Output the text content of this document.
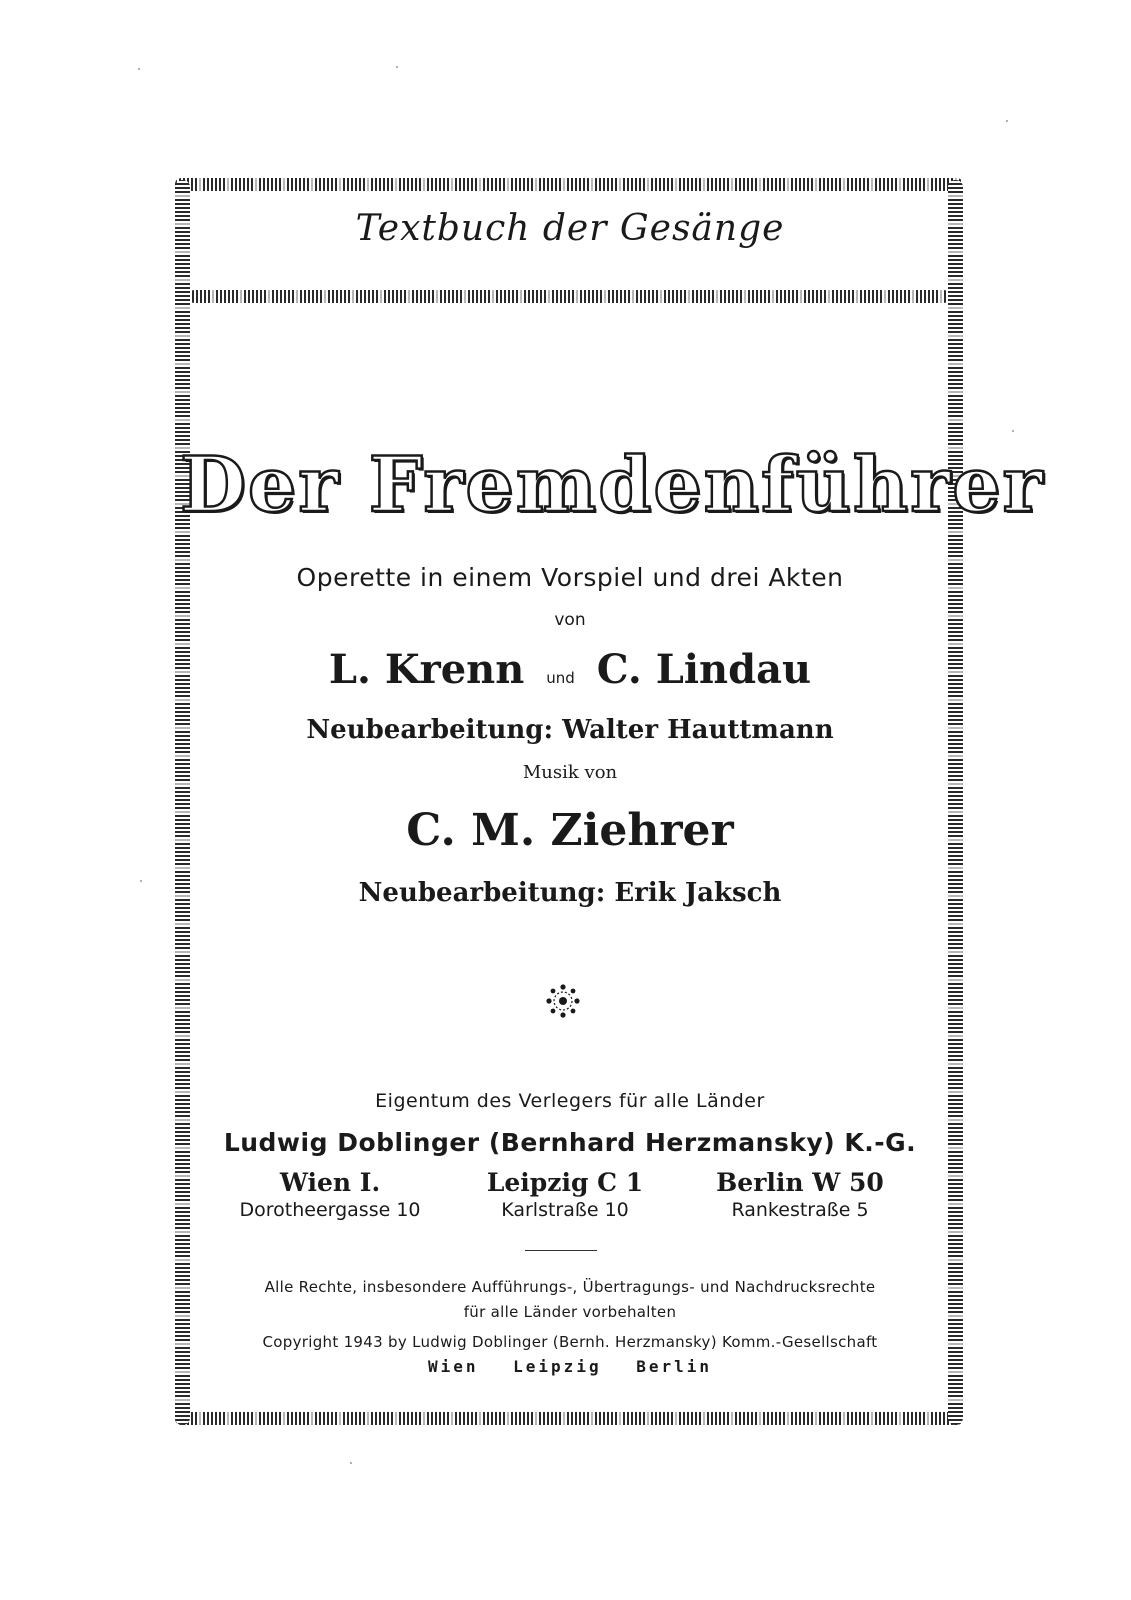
Textbuch der Gesänge
Der Fremdenführer
Operette in einem Vorspiel und drei Akten
von
L. Krenn und C. Lindau
Neubearbeitung: Walter Hauttmann
Musik von
C. M. Ziehrer
Neubearbeitung: Erik Jaksch
Eigentum des Verlegers für alle Länder
Ludwig Doblinger (Bernhard Herzmansky) K.-G.
Wien I.
Dorotheergasse 10
Leipzig C 1
Karlstraße 10
Berlin W 50
Rankestraße 5
Alle Rechte, insbesondere Aufführungs-, Übertragungs- und Nachdrucksrechte
für alle Länder vorbehalten
Copyright 1943 by Ludwig Doblinger (Bernh. Herzmansky) Komm.-Gesellschaft
Wien Leipzig Berlin
